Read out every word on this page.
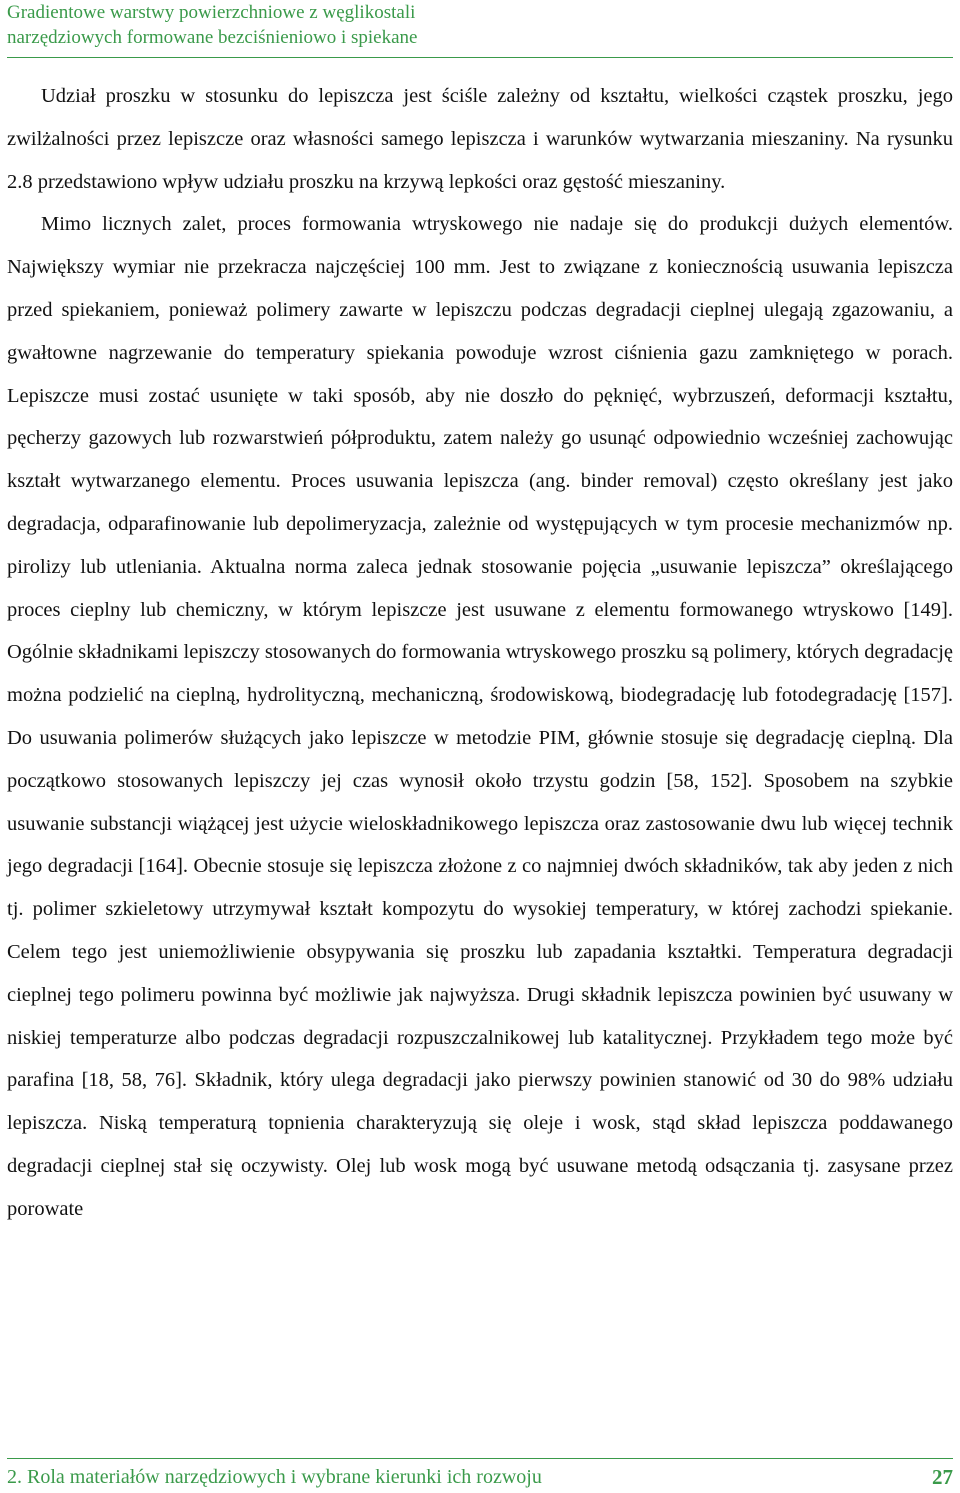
Gradientowe warstwy powierzchniowe z węglikostali
narzędziowych formowane bezciśnieniowo i spiekane

Udział proszku w stosunku do lepiszcza jest ściśle zależny od kształtu, wielkości cząstek proszku, jego zwilżalności przez lepiszcze oraz własności samego lepiszcza i warunków wytwarzania mieszaniny. Na rysunku 2.8 przedstawiono wpływ udziału proszku na krzywą lepkości oraz gęstość mieszaniny.

Mimo licznych zalet, proces formowania wtryskowego nie nadaje się do produkcji dużych elementów. Największy wymiar nie przekracza najczęściej 100 mm. Jest to związane z koniecznością usuwania lepiszcza przed spiekaniem, ponieważ polimery zawarte w lepiszczu podczas degradacji cieplnej ulegają zgazowaniu, a gwałtowne nagrzewanie do temperatury spiekania powoduje wzrost ciśnienia gazu zamkniętego w porach. Lepiszcze musi zostać usunięte w taki sposób, aby nie doszło do pęknięć, wybrzuszeń, deformacji kształtu, pęcherzy gazowych lub rozwarstwień półproduktu, zatem należy go usunąć odpowiednio wcześniej zachowując kształt wytwarzanego elementu. Proces usuwania lepiszcza (ang. binder removal) często określany jest jako degradacja, odparafinowanie lub depolimeryzacja, zależnie od występujących w tym procesie mechanizmów np. pirolizy lub utleniania. Aktualna norma zaleca jednak stosowanie pojęcia „usuwanie lepiszcza” określającego proces cieplny lub chemiczny, w którym lepiszcze jest usuwane z elementu formowanego wtryskowo [149]. Ogólnie składnikami lepiszczy stosowanych do formowania wtryskowego proszku są polimery, których degradację można podzielić na cieplną, hydrolityczną, mechaniczną, środowiskową, biodegradację lub fotodegradację [157]. Do usuwania polimerów służących jako lepiszcze w metodzie PIM, głównie stosuje się degradację cieplną. Dla początkowo stosowanych lepiszczy jej czas wynosił około trzystu godzin [58, 152]. Sposobem na szybkie usuwanie substancji wiążącej jest użycie wieloskładnikowego lepiszcza oraz zastosowanie dwu lub więcej technik jego degradacji [164]. Obecnie stosuje się lepiszcza złożone z co najmniej dwóch składników, tak aby jeden z nich tj. polimer szkieletowy utrzymywał kształt kompozytu do wysokiej temperatury, w której zachodzi spiekanie. Celem tego jest uniemożliwienie obsypywania się proszku lub zapadania kształtki. Temperatura degradacji cieplnej tego polimeru powinna być możliwie jak najwyższa. Drugi składnik lepiszcza powinien być usuwany w niskiej temperaturze albo podczas degradacji rozpuszczalnikowej lub katalitycznej. Przykładem tego może być parafina [18, 58, 76]. Składnik, który ulega degradacji jako pierwszy powinien stanowić od 30 do 98% udziału lepiszcza. Niską temperaturą topnienia charakteryzują się oleje i wosk, stąd skład lepiszcza poddawanego degradacji cieplnej stał się oczywisty. Olej lub wosk mogą być usuwane metodą odsączania tj. zasysane przez porowate

2. Rola materiałów narzędziowych i wybrane kierunki ich rozwoju	27
